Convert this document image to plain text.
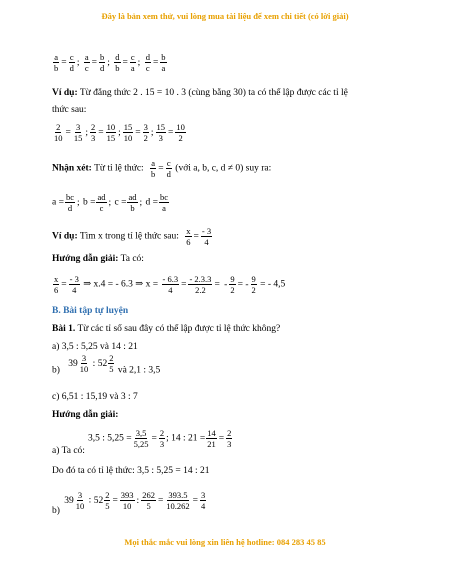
Đây là bản xem thử, vui lòng mua tài liệu để xem chi tiết (có lời giải)
$\frac{a}{b} = \frac{c}{d}$ ; $\frac{a}{c} = \frac{b}{d}$ ; $\frac{d}{b} = \frac{c}{a}$ ; $\frac{d}{c} = \frac{b}{a}$
Ví dụ: Từ đẳng thức 2 . 15 = 10 . 3 (cùng bằng 30) ta có thể lập được các tỉ lệ
thức sau:
$\frac{2}{10} = \frac{3}{15}$ ; $\frac{2}{3} = \frac{10}{15}$ ; $\frac{15}{10} = \frac{3}{2}$ ; $\frac{15}{3} = \frac{10}{2}$
Nhận xét: Từ tỉ lệ thức: $\frac{a}{b} = \frac{c}{d}$ (với a, b, c, d ≠ 0) suy ra:
$a = \frac{bc}{d}$ ; $b = \frac{ad}{c}$ ; $c = \frac{ad}{b}$ ; $d = \frac{bc}{a}$
Ví dụ: Tìm x trong tỉ lệ thức sau: $\frac{x}{6} = \frac{- 3}{4}$
Hướng dẫn giải: Ta có:
$\frac{x}{6} = \frac{- 3}{4}$ ⇒ x.4 = - 6.3 ⇒ $x = \frac{- 6.3}{4} = \frac{- 2.3.3}{2.2}$ = - $\frac{9}{2}$ = - $\frac{9}{2}$ = - 4,5
B. Bài tập tự luyện
Bài 1. Từ các tỉ số sau đây có thể lập được tỉ lệ thức không?
a) 3,5 : 5,25 và 14 : 21
b)
$39 \frac{3}{10}$ : $52 \frac{2}{5}$ và 2,1 : 3,5
c) 6,51 : 15,19 và 3 : 7
Hướng dẫn giải:
3,5 : $5,25 = \frac{3,5}{5,25} = \frac{2}{3}$ ; 14 : $21 = \frac{14}{21} = \frac{2}{3}$
a) Ta có:
Do đó ta có tỉ lệ thức: 3,5 : 5,25 = 14 : 21
b)
$39 \frac{3}{10}$ : $52 \frac{2}{5} = \frac{393}{10}$ : $\frac{262}{5} = \frac{393.5}{10.262} = \frac{3}{4}$
Mọi thắc mắc vui lòng xin liên hệ hotline: 084 283 45 85
